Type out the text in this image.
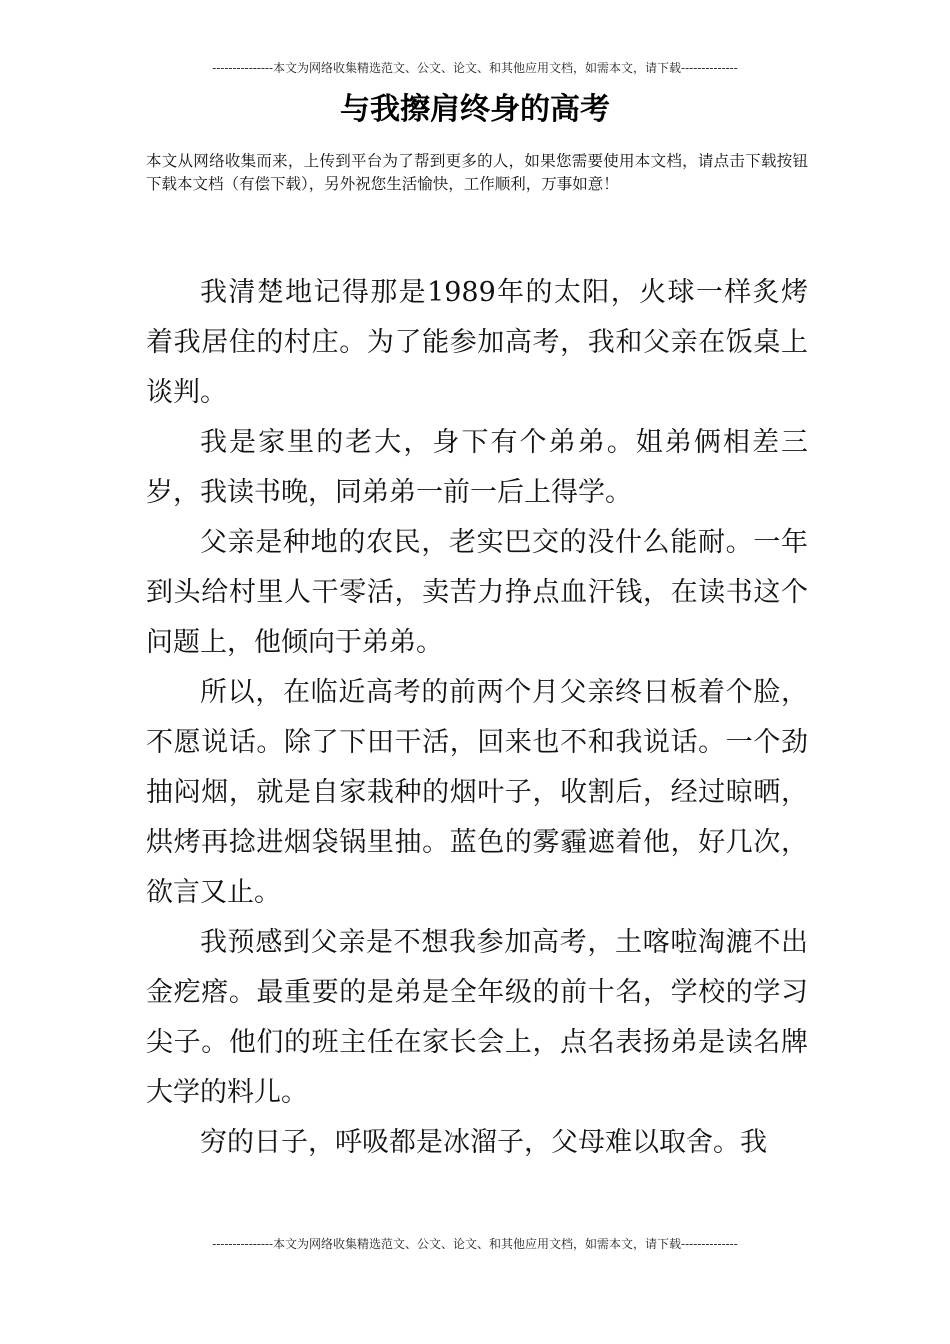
---------------本文为网络收集精选范文、公文、论文、和其他应用文档，如需本文，请下载--------------
与我擦肩终身的高考

本文从网络收集而来，上传到平台为了帮到更多的人，如果您需要使用本文档，请点击下载按钮下载本文档（有偿下载），另外祝您生活愉快，工作顺利，万事如意！

我清楚地记得那是1989年的太阳，火球一样炙烤着我居住的村庄。为了能参加高考，我和父亲在饭桌上谈判。

我是家里的老大，身下有个弟弟。姐弟俩相差三岁，我读书晚，同弟弟一前一后上得学。

父亲是种地的农民，老实巴交的没什么能耐。一年到头给村里人干零活，卖苦力挣点血汗钱，在读书这个问题上，他倾向于弟弟。

所以，在临近高考的前两个月父亲终日板着个脸，不愿说话。除了下田干活，回来也不和我说话。一个劲抽闷烟，就是自家栽种的烟叶子，收割后，经过晾晒，烘烤再捻进烟袋锅里抽。蓝色的雾霾遮着他，好几次，欲言又止。

我预感到父亲是不想我参加高考，土喀啦淘漉不出金疙瘩。最重要的是弟是全年级的前十名，学校的学习尖子。他们的班主任在家长会上，点名表扬弟是读名牌大学的料儿。

穷的日子，呼吸都是冰溜子，父母难以取舍。我

---------------本文为网络收集精选范文、公文、论文、和其他应用文档，如需本文，请下载--------------
